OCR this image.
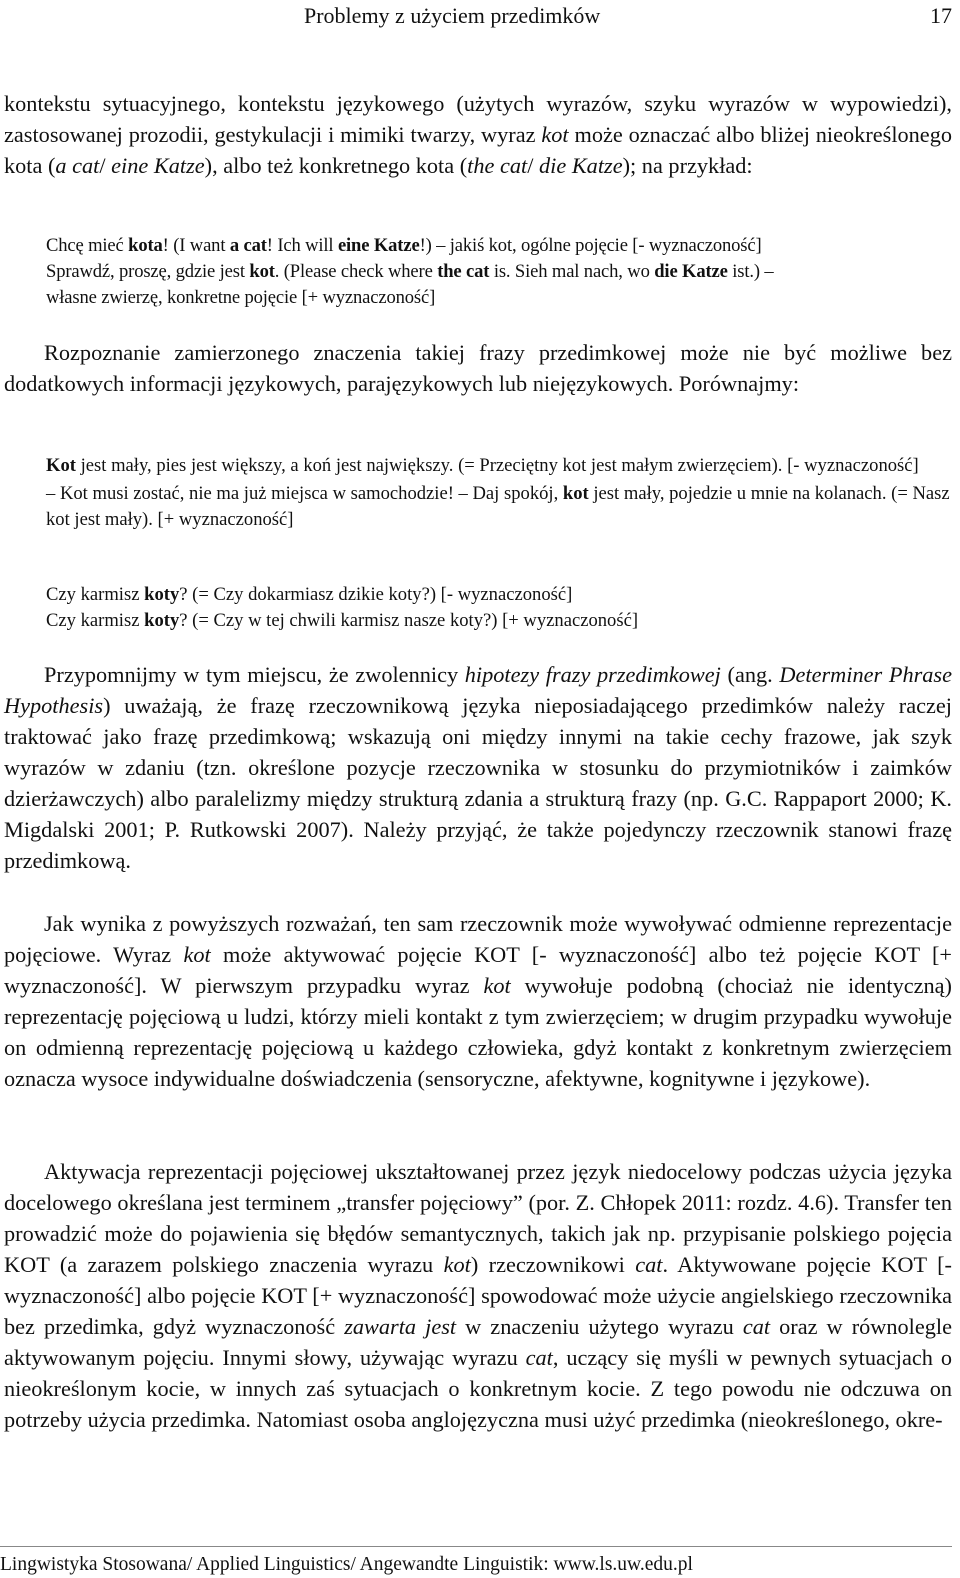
Problemy z użyciem przedimków	17

kontekstu sytuacyjnego, kontekstu językowego (użytych wyrazów, szyku wyrazów w wypowiedzi), zastosowanej prozodii, gestykulacji i mimiki twarzy, wyraz kot może oznaczać albo bliżej nieokreślonego kota (a cat/ eine Katze), albo też konkretnego kota (the cat/ die Katze); na przykład:

Chcę mieć kota! (I want a cat! Ich will eine Katze!) – jakiś kot, ogólne pojęcie [- wyznaczoność]

Sprawdź, proszę, gdzie jest kot. (Please check where the cat is. Sieh mal nach, wo die Katze ist.) –

własne zwierzę, konkretne pojęcie [+ wyznaczoność]

Rozpoznanie zamierzonego znaczenia takiej frazy przedimkowej może nie być możliwe bez dodatkowych informacji językowych, parajęzykowych lub niejęzykowych. Porównajmy:

Kot jest mały, pies jest większy, a koń jest największy. (= Przeciętny kot jest małym zwierzęciem). [- wyznaczoność]

– Kot musi zostać, nie ma już miejsca w samochodzie! – Daj spokój, kot jest mały, pojedzie u mnie na kolanach. (= Nasz kot jest mały). [+ wyznaczoność]

Czy karmisz koty? (= Czy dokarmiasz dzikie koty?) [- wyznaczoność]

Czy karmisz koty? (= Czy w tej chwili karmisz nasze koty?) [+ wyznaczoność]

Przypomnijmy w tym miejscu, że zwolennicy hipotezy frazy przedimkowej (ang. Determiner Phrase Hypothesis) uważają, że frazę rzeczownikową języka nieposiadającego przedimków należy raczej traktować jako frazę przedimkową; wskazują oni między innymi na takie cechy frazowe, jak szyk wyrazów w zdaniu (tzn. określone pozycje rzeczownika w stosunku do przymiotników i zaimków dzierżawczych) albo paralelizmy między strukturą zdania a strukturą frazy (np. G.C. Rappaport 2000; K. Migdalski 2001; P. Rutkowski 2007). Należy przyjąć, że także pojedynczy rzeczownik stanowi frazę przedimkową.

Jak wynika z powyższych rozważań, ten sam rzeczownik może wywoływać odmienne reprezentacje pojęciowe. Wyraz kot może aktywować pojęcie KOT [- wyznaczoność] albo też pojęcie KOT [+ wyznaczoność]. W pierwszym przypadku wyraz kot wywołuje podobną (chociaż nie identyczną) reprezentację pojęciową u ludzi, którzy mieli kontakt z tym zwierzęciem; w drugim przypadku wywołuje on odmienną reprezentację pojęciową u każdego człowieka, gdyż kontakt z konkretnym zwierzęciem oznacza wysoce indywidualne doświadczenia (sensoryczne, afektywne, kognitywne i językowe).

Aktywacja reprezentacji pojęciowej ukształtowanej przez język niedocelowy podczas użycia języka docelowego określana jest terminem „transfer pojęciowy” (por. Z. Chłopek 2011: rozdz. 4.6). Transfer ten prowadzić może do pojawienia się błędów semantycznych, takich jak np. przypisanie polskiego pojęcia KOT (a zarazem polskiego znaczenia wyrazu kot) rzeczownikowi cat. Aktywowane pojęcie KOT [- wyznaczoność] albo pojęcie KOT [+ wyznaczoność] spowodować może użycie angielskiego rzeczownika bez przedimka, gdyż wyznaczoność zawarta jest w znaczeniu użytego wyrazu cat oraz w równolegle aktywowanym pojęciu. Innymi słowy, używając wyrazu cat, uczący się myśli w pewnych sytuacjach o nieokreślonym kocie, w innych zaś sytuacjach o konkretnym kocie. Z tego powodu nie odczuwa on potrzeby użycia przedimka. Natomiast osoba anglojęzyczna musi użyć przedimka (nieokreślonego, okre-

Lingwistyka Stosowana/ Applied Linguistics/ Angewandte Linguistik: www.ls.uw.edu.pl
